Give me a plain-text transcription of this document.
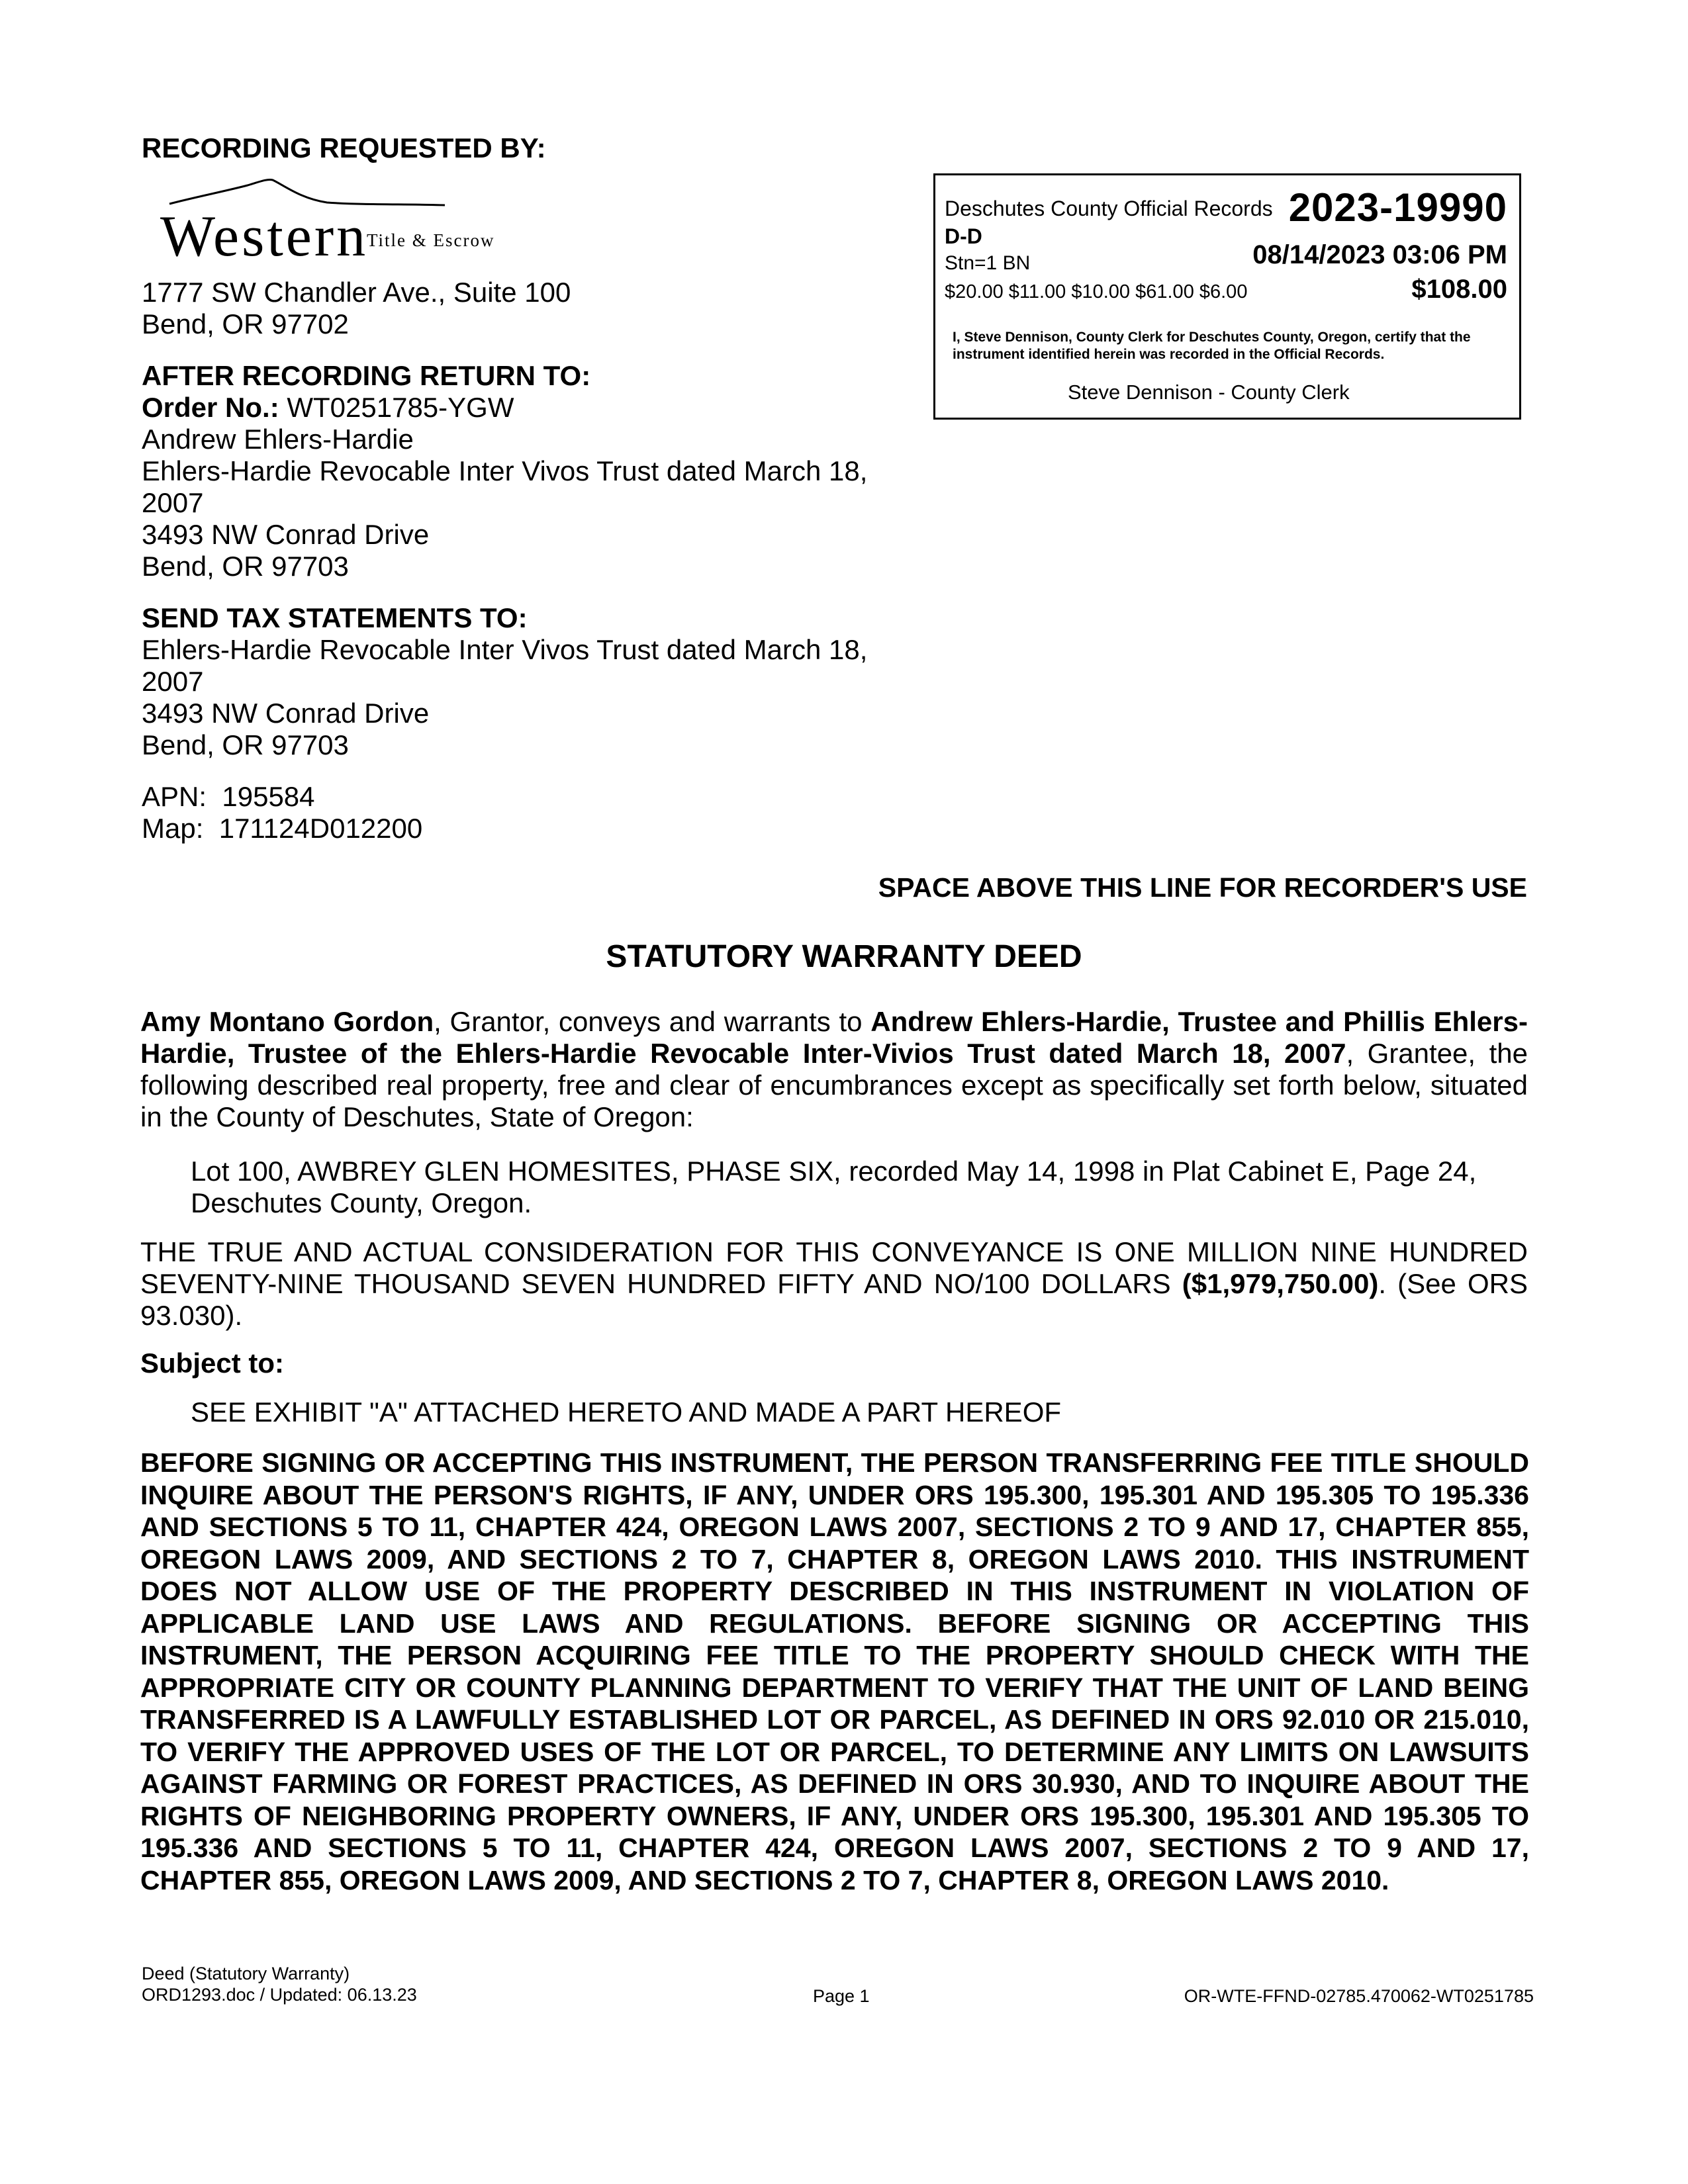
RECORDING REQUESTED BY:
Western
Title & Escrow
1777 SW Chandler Ave., Suite 100
Bend, OR 97702
AFTER RECORDING RETURN TO:
Order No.: WT0251785-YGW
Andrew Ehlers-Hardie
Ehlers-Hardie Revocable Inter Vivos Trust dated March 18,
2007
3493 NW Conrad Drive
Bend, OR 97703
SEND TAX STATEMENTS TO:
Ehlers-Hardie Revocable Inter Vivos Trust dated March 18,
2007
3493 NW Conrad Drive
Bend, OR 97703
APN: 195584
Map: 171124D012200
Deschutes County Official Records 2023-19990
D-D
Stn=1 BN	08/14/2023 03:06 PM
$20.00 $11.00 $10.00 $61.00 $6.00	$108.00
I, Steve Dennison, County Clerk for Deschutes County, Oregon, certify that the instrument identified herein was recorded in the Official Records.
Steve Dennison - County Clerk
SPACE ABOVE THIS LINE FOR RECORDER'S USE
STATUTORY WARRANTY DEED
Amy Montano Gordon, Grantor, conveys and warrants to Andrew Ehlers-Hardie, Trustee and Phillis Ehlers-Hardie, Trustee of the Ehlers-Hardie Revocable Inter-Vivios Trust dated March 18, 2007, Grantee, the following described real property, free and clear of encumbrances except as specifically set forth below, situated in the County of Deschutes, State of Oregon:
Lot 100, AWBREY GLEN HOMESITES, PHASE SIX, recorded May 14, 1998 in Plat Cabinet E, Page 24, Deschutes County, Oregon.
THE TRUE AND ACTUAL CONSIDERATION FOR THIS CONVEYANCE IS ONE MILLION NINE HUNDRED SEVENTY-NINE THOUSAND SEVEN HUNDRED FIFTY AND NO/100 DOLLARS ($1,979,750.00). (See ORS 93.030).
Subject to:
SEE EXHIBIT "A" ATTACHED HERETO AND MADE A PART HEREOF
BEFORE SIGNING OR ACCEPTING THIS INSTRUMENT, THE PERSON TRANSFERRING FEE TITLE SHOULD INQUIRE ABOUT THE PERSON'S RIGHTS, IF ANY, UNDER ORS 195.300, 195.301 AND 195.305 TO 195.336 AND SECTIONS 5 TO 11, CHAPTER 424, OREGON LAWS 2007, SECTIONS 2 TO 9 AND 17, CHAPTER 855, OREGON LAWS 2009, AND SECTIONS 2 TO 7, CHAPTER 8, OREGON LAWS 2010. THIS INSTRUMENT DOES NOT ALLOW USE OF THE PROPERTY DESCRIBED IN THIS INSTRUMENT IN VIOLATION OF APPLICABLE LAND USE LAWS AND REGULATIONS. BEFORE SIGNING OR ACCEPTING THIS INSTRUMENT, THE PERSON ACQUIRING FEE TITLE TO THE PROPERTY SHOULD CHECK WITH THE APPROPRIATE CITY OR COUNTY PLANNING DEPARTMENT TO VERIFY THAT THE UNIT OF LAND BEING TRANSFERRED IS A LAWFULLY ESTABLISHED LOT OR PARCEL, AS DEFINED IN ORS 92.010 OR 215.010, TO VERIFY THE APPROVED USES OF THE LOT OR PARCEL, TO DETERMINE ANY LIMITS ON LAWSUITS AGAINST FARMING OR FOREST PRACTICES, AS DEFINED IN ORS 30.930, AND TO INQUIRE ABOUT THE RIGHTS OF NEIGHBORING PROPERTY OWNERS, IF ANY, UNDER ORS 195.300, 195.301 AND 195.305 TO 195.336 AND SECTIONS 5 TO 11, CHAPTER 424, OREGON LAWS 2007, SECTIONS 2 TO 9 AND 17, CHAPTER 855, OREGON LAWS 2009, AND SECTIONS 2 TO 7, CHAPTER 8, OREGON LAWS 2010.
Deed (Statutory Warranty)
ORD1293.doc / Updated: 06.13.23	Page 1	OR-WTE-FFND-02785.470062-WT0251785
